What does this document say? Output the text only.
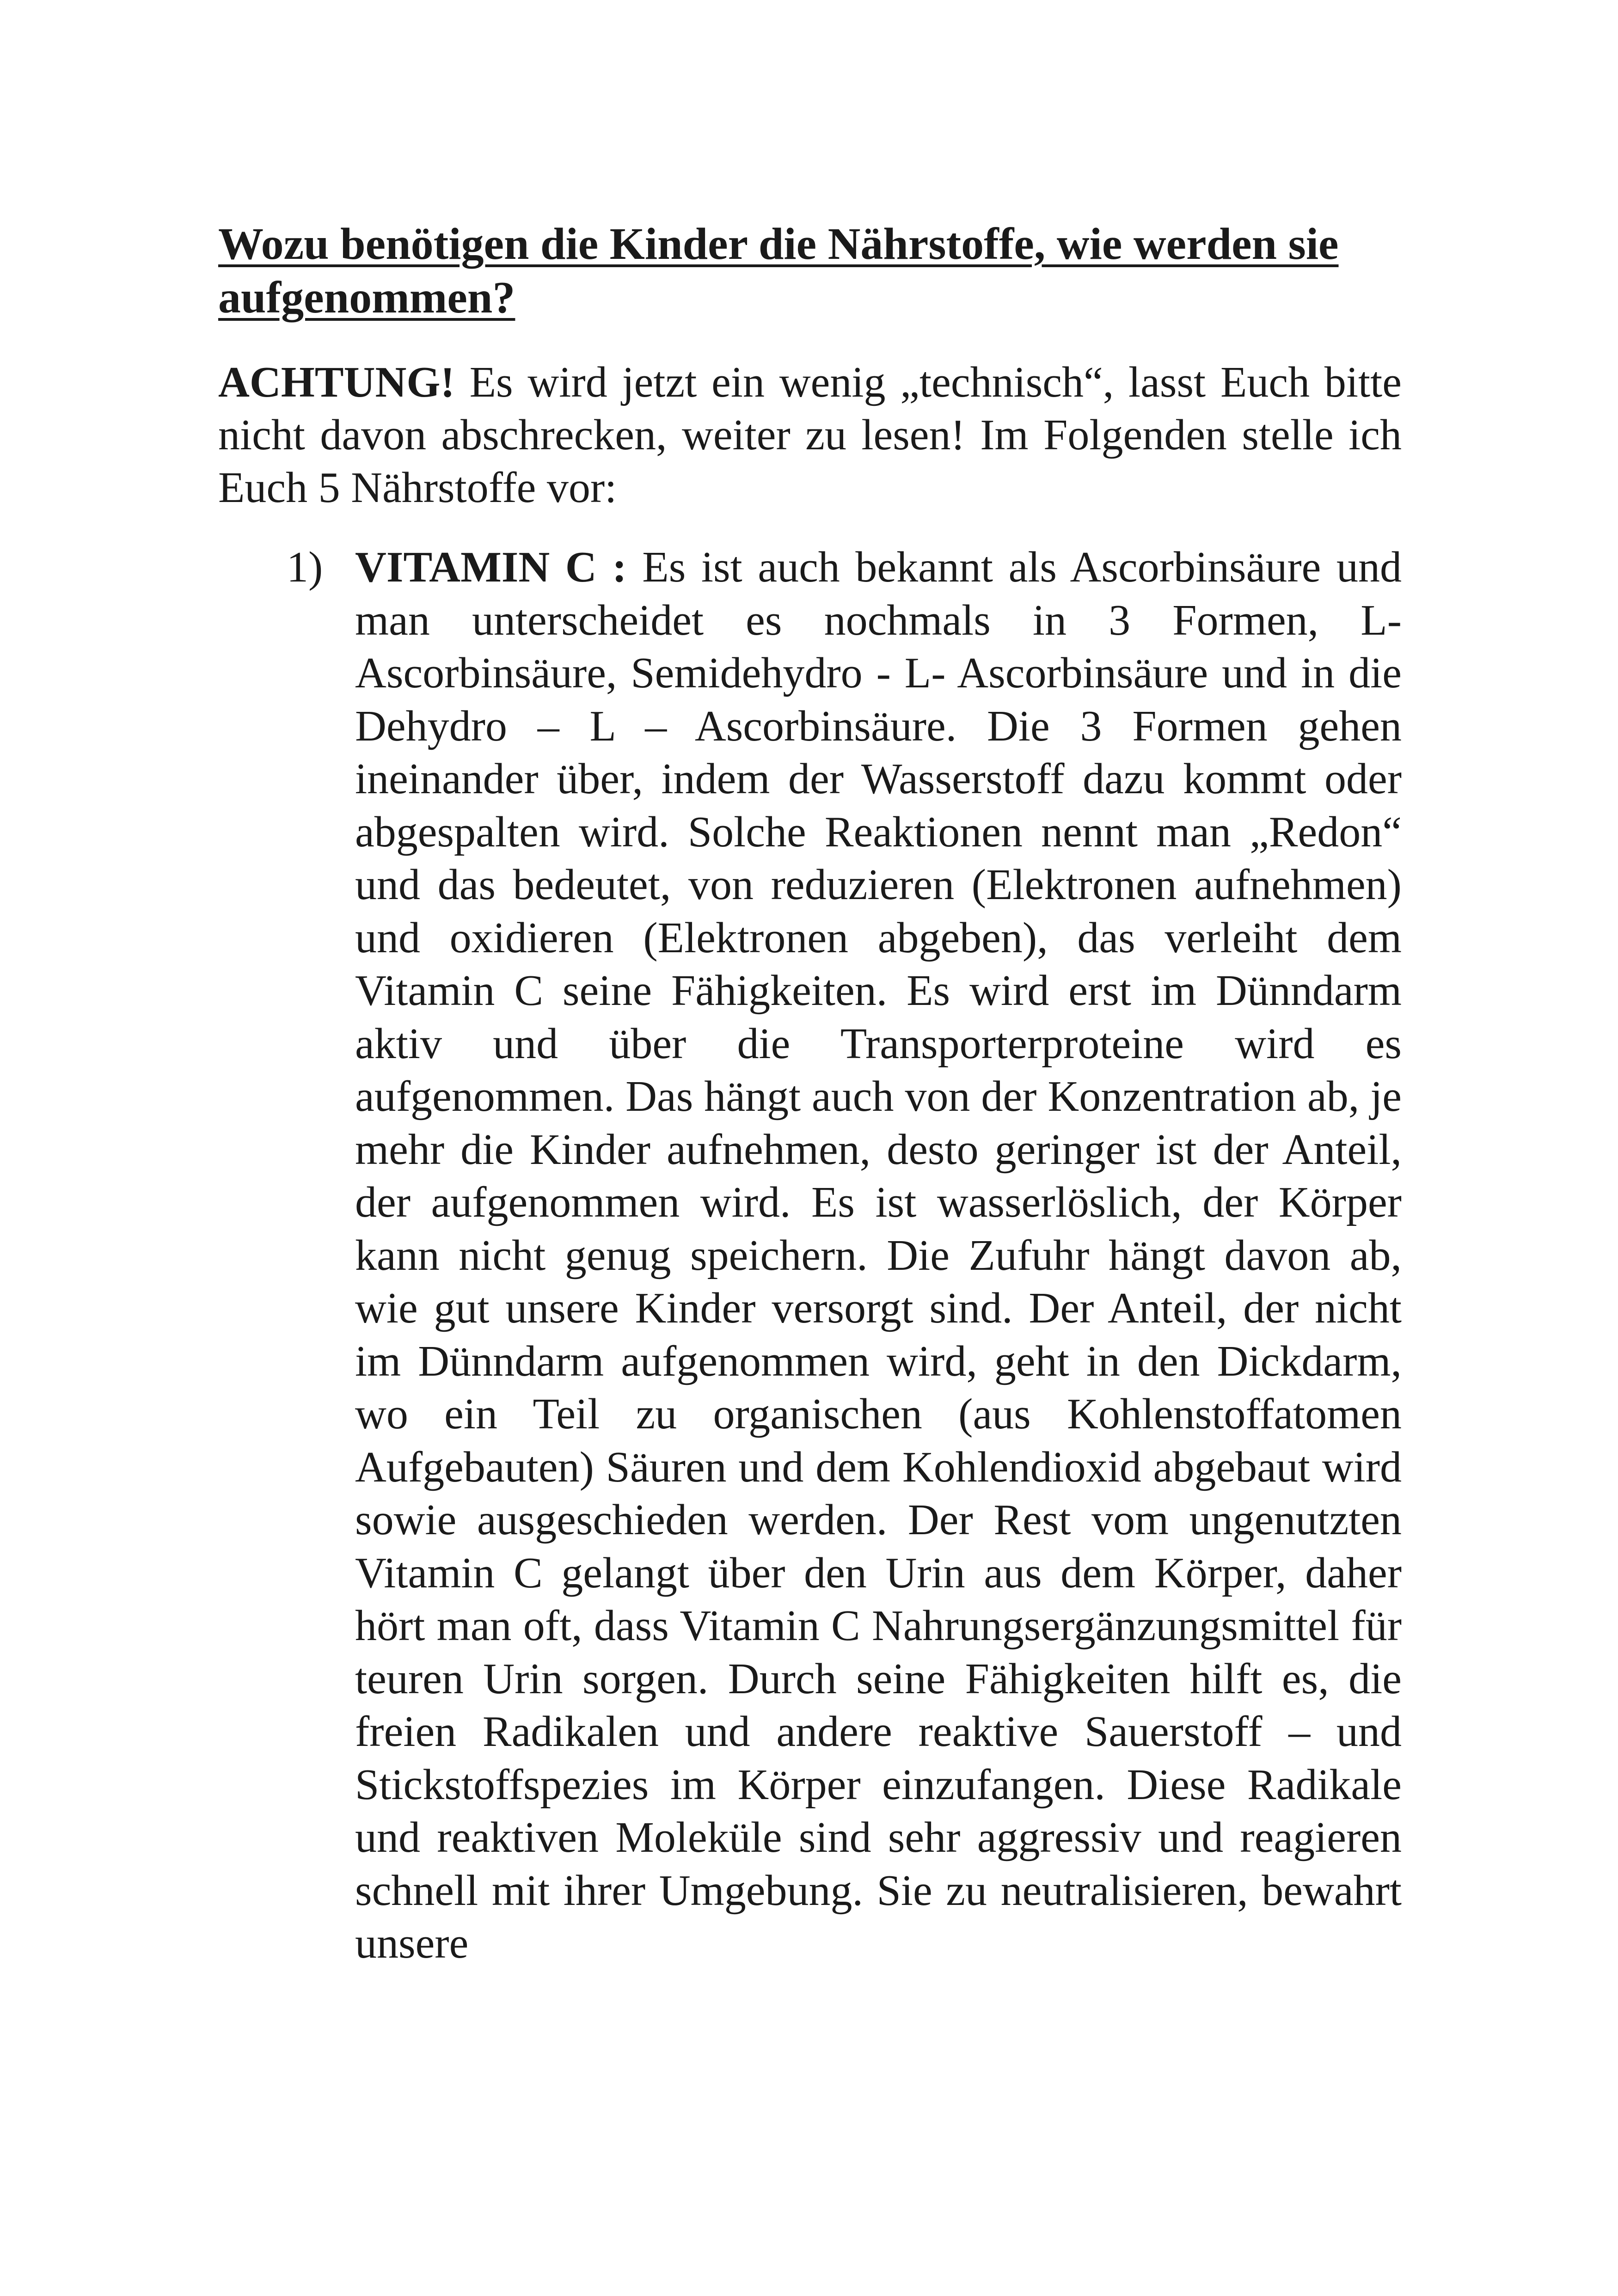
Wozu benötigen die Kinder die Nährstoffe, wie werden sie aufgenommen?

ACHTUNG! Es wird jetzt ein wenig „technisch“, lasst Euch bitte nicht davon abschrecken, weiter zu lesen! Im Folgenden stelle ich Euch 5 Nährstoffe vor:

1) VITAMIN C : Es ist auch bekannt als Ascorbinsäure und man unterscheidet es nochmals in 3 Formen, L-Ascorbinsäure, Semidehydro - L- Ascorbinsäure und in die Dehydro – L – Ascorbinsäure. Die 3 Formen gehen ineinander über, indem der Wasserstoff dazu kommt oder abgespalten wird. Solche Reaktionen nennt man „Redon“ und das bedeutet, von reduzieren (Elektronen aufnehmen) und oxidieren (Elektronen abgeben), das verleiht dem Vitamin C seine Fähigkeiten. Es wird erst im Dünndarm aktiv und über die Transporterproteine wird es aufgenommen. Das hängt auch von der Konzentration ab, je mehr die Kinder aufnehmen, desto geringer ist der Anteil, der aufgenommen wird. Es ist wasserlöslich, der Körper kann nicht genug speichern. Die Zufuhr hängt davon ab, wie gut unsere Kinder versorgt sind. Der Anteil, der nicht im Dünndarm aufgenommen wird, geht in den Dickdarm, wo ein Teil zu organischen (aus Kohlenstoffatomen Aufgebauten) Säuren und dem Kohlendioxid abgebaut wird sowie ausgeschieden werden. Der Rest vom ungenutzten Vitamin C gelangt über den Urin aus dem Körper, daher hört man oft, dass Vitamin C Nahrungsergänzungsmittel für teuren Urin sorgen. Durch seine Fähigkeiten hilft es, die freien Radikalen und andere reaktive Sauerstoff – und Stickstoffspezies im Körper einzufangen. Diese Radikale und reaktiven Moleküle sind sehr aggressiv und reagieren schnell mit ihrer Umgebung. Sie zu neutralisieren, bewahrt unsere
